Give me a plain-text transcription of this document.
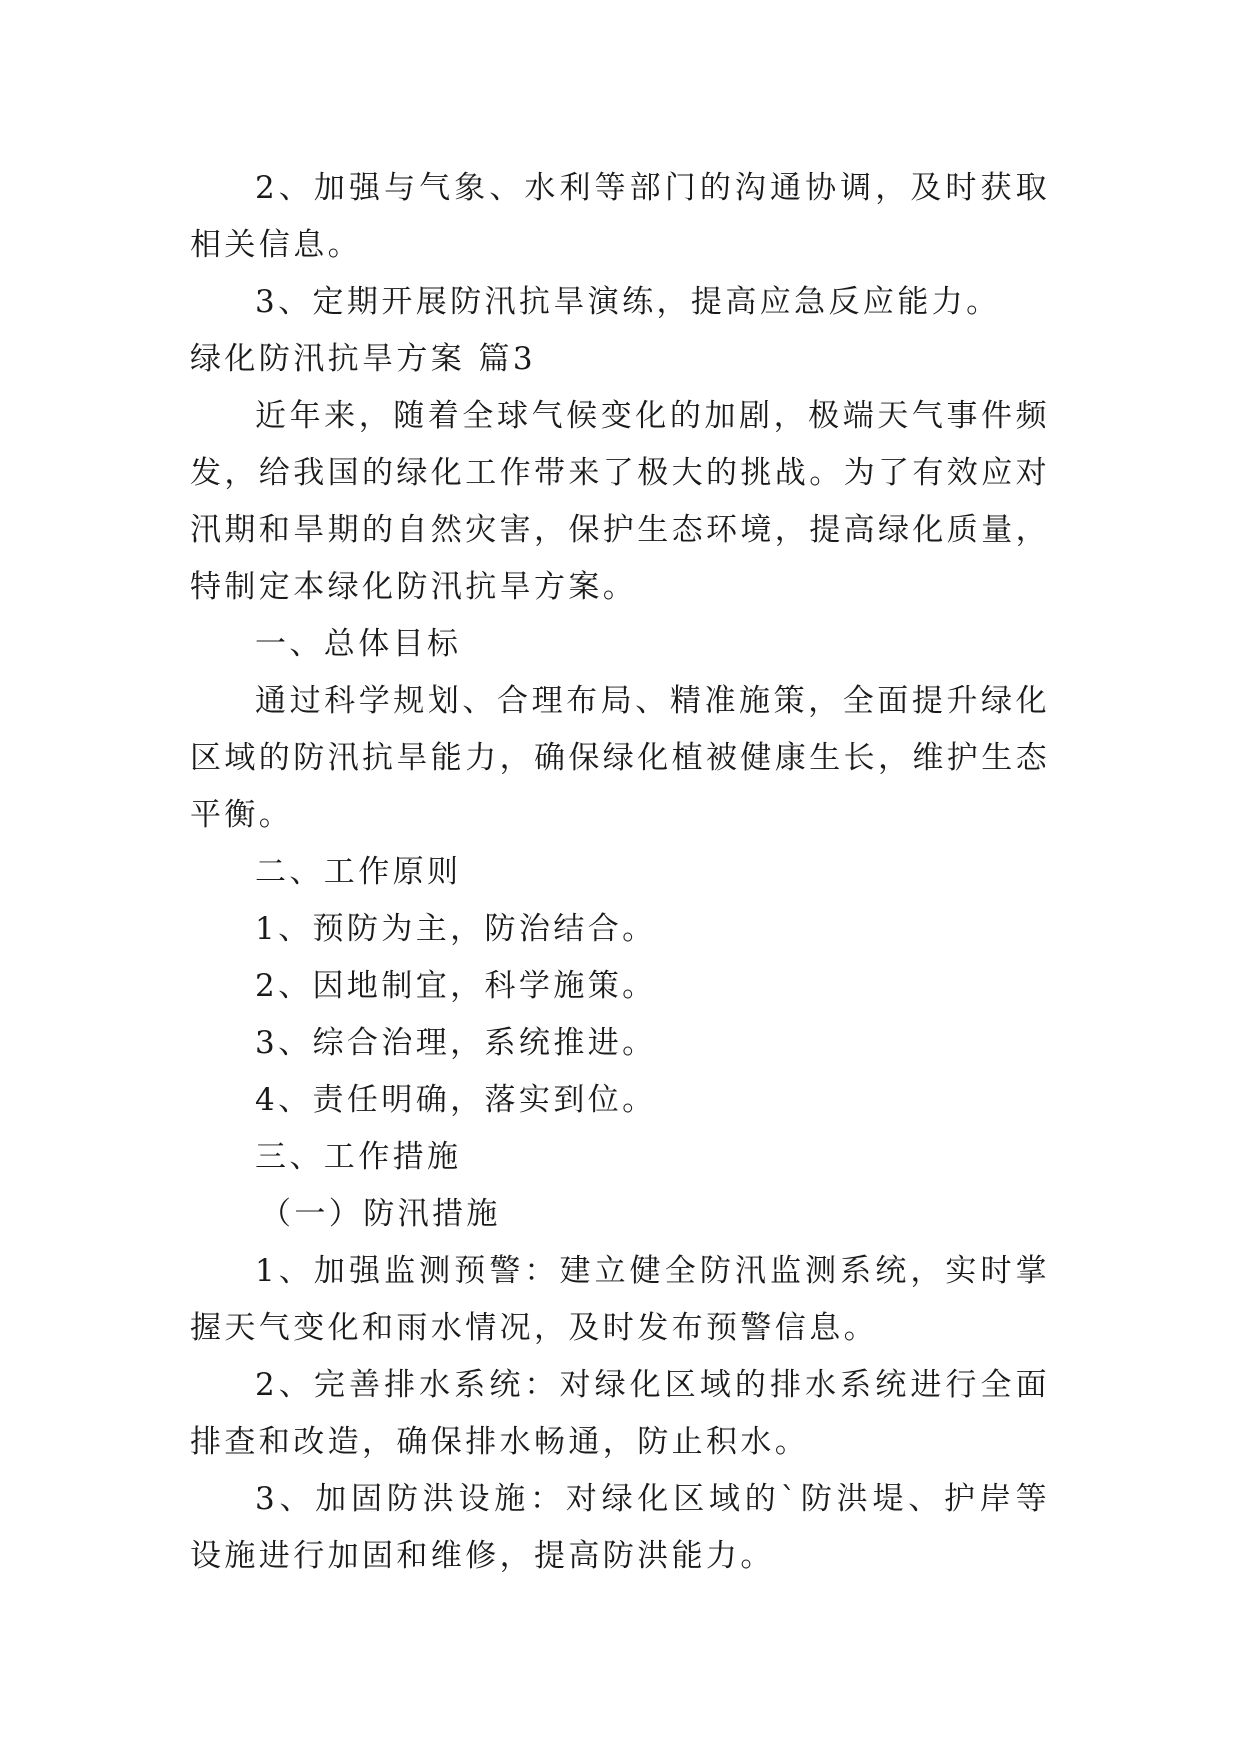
2、加强与气象、水利等部门的沟通协调，及时获取相关信息。

3、定期开展防汛抗旱演练，提高应急反应能力。

绿化防汛抗旱方案 篇3

近年来，随着全球气候变化的加剧，极端天气事件频发，给我国的绿化工作带来了极大的挑战。为了有效应对汛期和旱期的自然灾害，保护生态环境，提高绿化质量，特制定本绿化防汛抗旱方案。

一、总体目标

通过科学规划、合理布局、精准施策，全面提升绿化区域的防汛抗旱能力，确保绿化植被健康生长，维护生态平衡。

二、工作原则

1、预防为主，防治结合。

2、因地制宜，科学施策。

3、综合治理，系统推进。

4、责任明确，落实到位。

三、工作措施

（一）防汛措施

1、加强监测预警：建立健全防汛监测系统，实时掌握天气变化和雨水情况，及时发布预警信息。

2、完善排水系统：对绿化区域的排水系统进行全面排查和改造，确保排水畅通，防止积水。

3、加固防洪设施：对绿化区域的`防洪堤、护岸等设施进行加固和维修，提高防洪能力。
